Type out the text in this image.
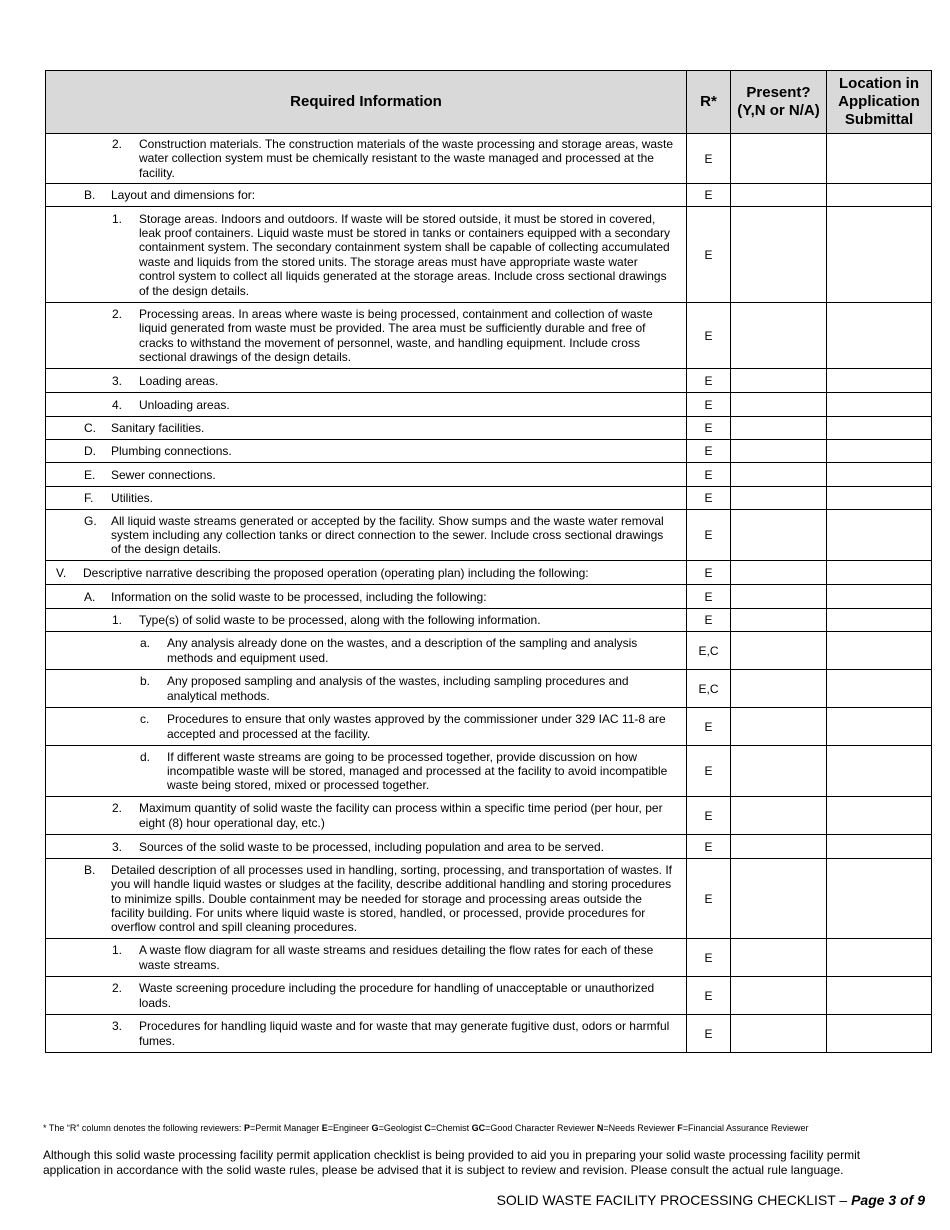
Required Information	R*	Present? (Y,N or N/A)	Location in Application Submittal

2. Construction materials. The construction materials of the waste processing and storage areas, waste water collection system must be chemically resistant to the waste managed and processed at the facility.	E		

B. Layout and dimensions for:	E		

1. Storage areas. Indoors and outdoors. If waste will be stored outside, it must be stored in covered, leak proof containers. Liquid waste must be stored in tanks or containers equipped with a secondary containment system. The secondary containment system shall be capable of collecting accumulated waste and liquids from the stored units. The storage areas must have appropriate waste water control system to collect all liquids generated at the storage areas. Include cross sectional drawings of the design details.	E		

2. Processing areas. In areas where waste is being processed, containment and collection of waste liquid generated from waste must be provided. The area must be sufficiently durable and free of cracks to withstand the movement of personnel, waste, and handling equipment. Include cross sectional drawings of the design details.	E		

3. Loading areas.	E		

4. Unloading areas.	E		

C. Sanitary facilities.	E		

D. Plumbing connections.	E		

E. Sewer connections.	E		

F. Utilities.	E		

G. All liquid waste streams generated or accepted by the facility. Show sumps and the waste water removal system including any collection tanks or direct connection to the sewer. Include cross sectional drawings of the design details.	E		

V. Descriptive narrative describing the proposed operation (operating plan) including the following:	E		

A. Information on the solid waste to be processed, including the following:	E		

1. Type(s) of solid waste to be processed, along with the following information.	E		

a. Any analysis already done on the wastes, and a description of the sampling and analysis methods and equipment used.	E,C		

b. Any proposed sampling and analysis of the wastes, including sampling procedures and analytical methods.	E,C		

c. Procedures to ensure that only wastes approved by the commissioner under 329 IAC 11-8 are accepted and processed at the facility.	E		

d. If different waste streams are going to be processed together, provide discussion on how incompatible waste will be stored, managed and processed at the facility to avoid incompatible waste being stored, mixed or processed together.	E		

2. Maximum quantity of solid waste the facility can process within a specific time period (per hour, per eight (8) hour operational day, etc.)	E		

3. Sources of the solid waste to be processed, including population and area to be served.	E		

B. Detailed description of all processes used in handling, sorting, processing, and transportation of wastes. If you will handle liquid wastes or sludges at the facility, describe additional handling and storing procedures to minimize spills. Double containment may be needed for storage and processing areas outside the facility building. For units where liquid waste is stored, handled, or processed, provide procedures for overflow control and spill cleaning procedures.	E		

1. A waste flow diagram for all waste streams and residues detailing the flow rates for each of these waste streams.	E		

2. Waste screening procedure including the procedure for handling of unacceptable or unauthorized loads.	E		

3. Procedures for handling liquid waste and for waste that may generate fugitive dust, odors or harmful fumes.	E		
* The “R” column denotes the following reviewers: P=Permit Manager E=Engineer G=Geologist C=Chemist GC=Good Character Reviewer N=Needs Reviewer F=Financial Assurance Reviewer
Although this solid waste processing facility permit application checklist is being provided to aid you in preparing your solid waste processing facility permit application in accordance with the solid waste rules, please be advised that it is subject to review and revision. Please consult the actual rule language.
SOLID WASTE FACILITY PROCESSING CHECKLIST – Page 3 of 9
